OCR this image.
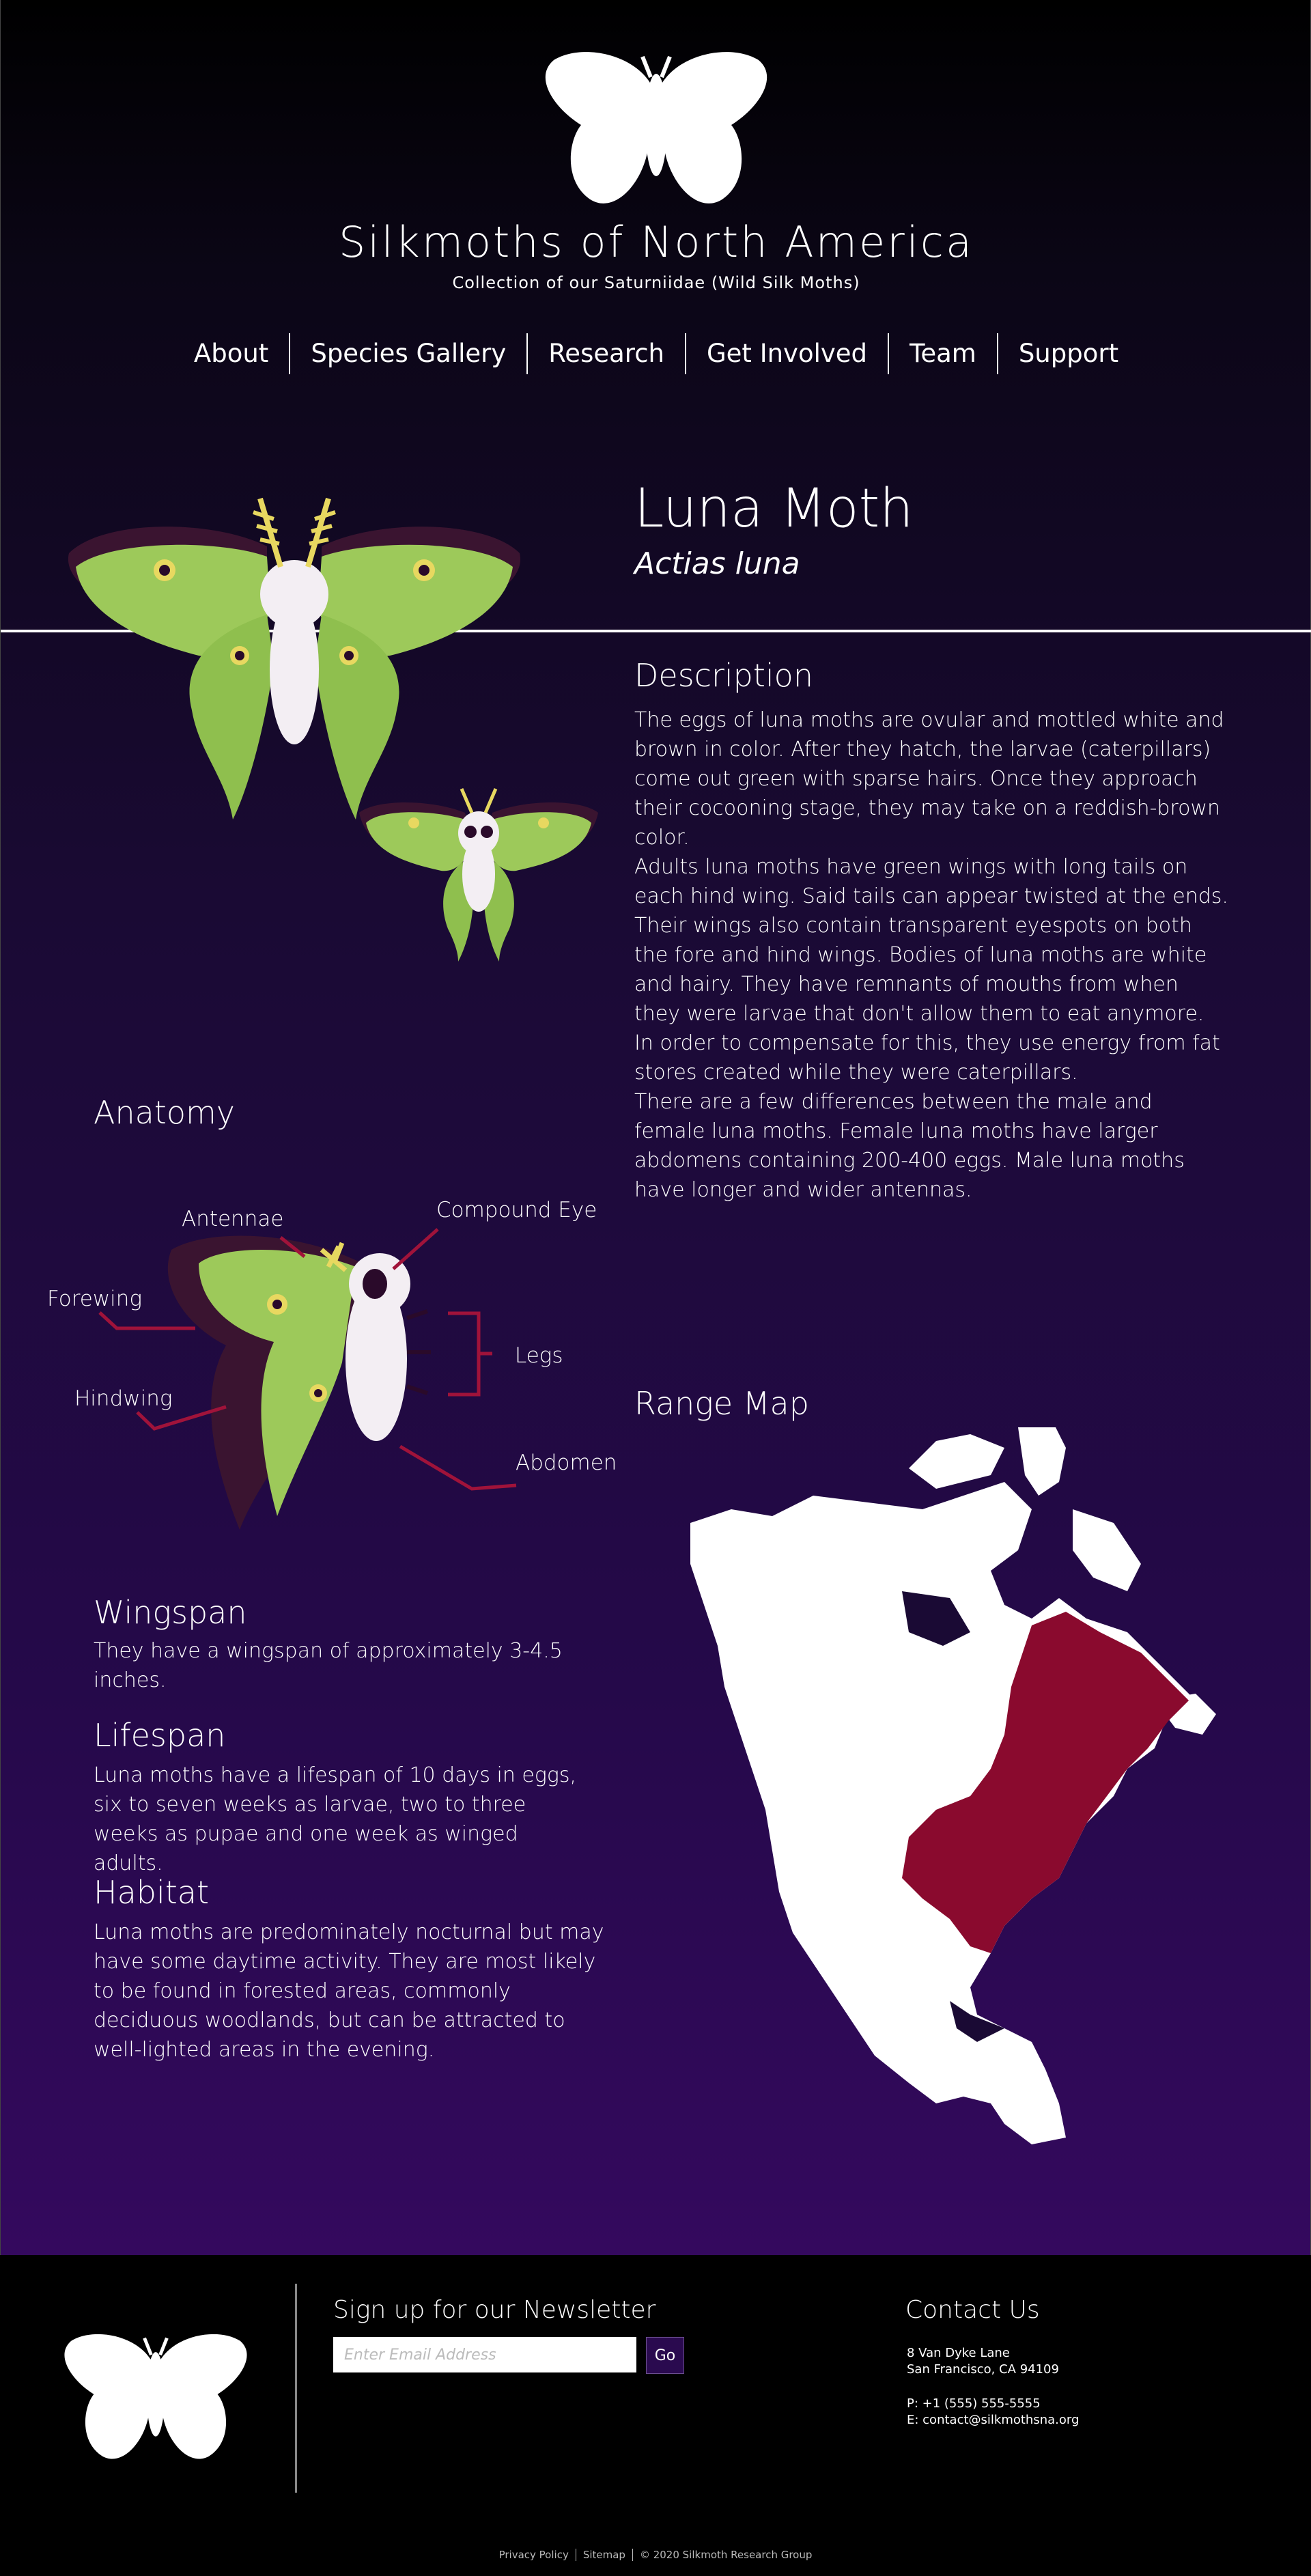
Silkmoths of North America
Collection of our Saturniidae (Wild Silk Moths)
About	Species Gallery	Research	Get Involved	Team	Support
Luna Moth
Actias luna
Description
The eggs of luna moths are ovular and mottled white and brown in color. After they hatch, the larvae (caterpillars) come out green with sparse hairs. Once they approach their cocooning stage, they may take on a reddish-brown color.
Adults luna moths have green wings with long tails on each hind wing. Said tails can appear twisted at the ends. Their wings also contain transparent eyespots on both the fore and hind wings. Bodies of luna moths are white and hairy. They have remnants of mouths from when they were larvae that don't allow them to eat anymore. In order to compensate for this, they use energy from fat stores created while they were caterpillars.
There are a few differences between the male and female luna moths. Female luna moths have larger abdomens containing 200-400 eggs. Male luna moths have longer and wider antennas.
Anatomy
Antennae	Compound Eye
Forewing
Legs
Hindwing
Abdomen
Range Map
Wingspan
They have a wingspan of approximately 3-4.5 inches.
Lifespan
Luna moths have a lifespan of 10 days in eggs, six to seven weeks as larvae, two to three weeks as pupae and one week as winged adults.
Habitat
Luna moths are predominately nocturnal but may have some daytime activity. They are most likely to be found in forested areas, commonly deciduous woodlands, but can be attracted to well-lighted areas in the evening.
Sign up for our Newsletter
Enter Email Address
Go
Contact Us
8 Van Dyke Lane
San Francisco, CA 94109
P: +1 (555) 555-5555
E: contact@silkmothsna.org
Privacy Policy	Sitemap	© 2020 Silkmoth Research Group
